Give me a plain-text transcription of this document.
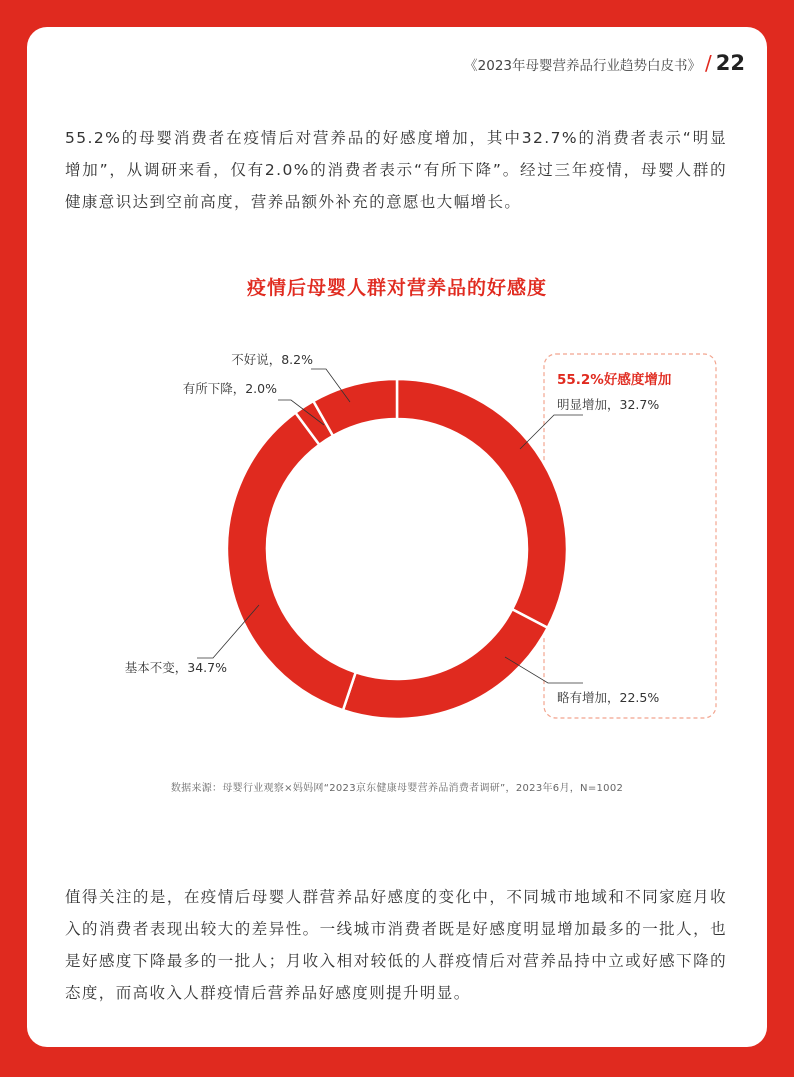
《2023年母婴营养品行业趋势白皮书》 / 22

55.2%的母婴消费者在疫情后对营养品的好感度增加，其中32.7%的消费者表示“明显增加”，从调研来看，仅有2.0%的消费者表示“有所下降”。经过三年疫情，母婴人群的健康意识达到空前高度，营养品额外补充的意愿也大幅增长。

疫情后母婴人群对营养品的好感度
55.2%好感度增加
明显增加，32.7%
略有增加，22.5%
基本不变，34.7%
有所下降，2.0%
不好说，8.2%
数据来源：母婴行业观察×妈妈网“2023京东健康母婴营养品消费者调研”，2023年6月，N=1002

值得关注的是，在疫情后母婴人群营养品好感度的变化中，不同城市地域和不同家庭月收入的消费者表现出较大的差异性。一线城市消费者既是好感度明显增加最多的一批人，也是好感度下降最多的一批人；月收入相对较低的人群疫情后对营养品持中立或好感下降的态度，而高收入人群疫情后营养品好感度则提升明显。
